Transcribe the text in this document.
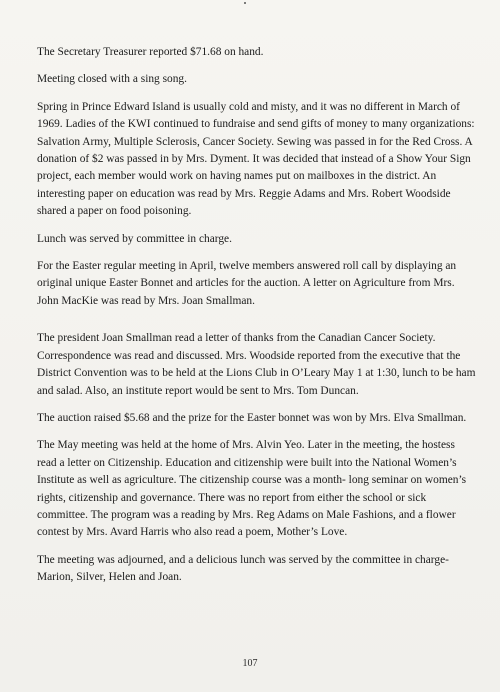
The Secretary Treasurer reported $71.68 on hand.

Meeting closed with a sing song.

Spring in Prince Edward Island is usually cold and misty, and it was no different in March of 1969. Ladies of the KWI continued to fundraise and send gifts of money to many organizations: Salvation Army, Multiple Sclerosis, Cancer Society. Sewing was passed in for the Red Cross. A donation of $2 was passed in by Mrs. Dyment. It was decided that instead of a Show Your Sign project, each member would work on having names put on mailboxes in the district. An interesting paper on education was read by Mrs. Reggie Adams and Mrs. Robert Woodside shared a paper on food poisoning.

Lunch was served by committee in charge.

For the Easter regular meeting in April, twelve members answered roll call by displaying an original unique Easter Bonnet and articles for the auction. A letter on Agriculture from Mrs. John MacKie was read by Mrs. Joan Smallman.

The president Joan Smallman read a letter of thanks from the Canadian Cancer Society. Correspondence was read and discussed. Mrs. Woodside reported from the executive that the District Convention was to be held at the Lions Club in O’Leary May 1 at 1:30, lunch to be ham and salad. Also, an institute report would be sent to Mrs. Tom Duncan.

The auction raised $5.68 and the prize for the Easter bonnet was won by Mrs. Elva Smallman.

The May meeting was held at the home of Mrs. Alvin Yeo. Later in the meeting, the hostess read a letter on Citizenship. Education and citizenship were built into the National Women’s Institute as well as agriculture. The citizenship course was a month- long seminar on women’s rights, citizenship and governance. There was no report from either the school or sick committee. The program was a reading by Mrs. Reg Adams on Male Fashions, and a flower contest by Mrs. Avard Harris who also read a poem, Mother’s Love.

The meeting was adjourned, and a delicious lunch was served by the committee in charge- Marion, Silver, Helen and Joan.

107
